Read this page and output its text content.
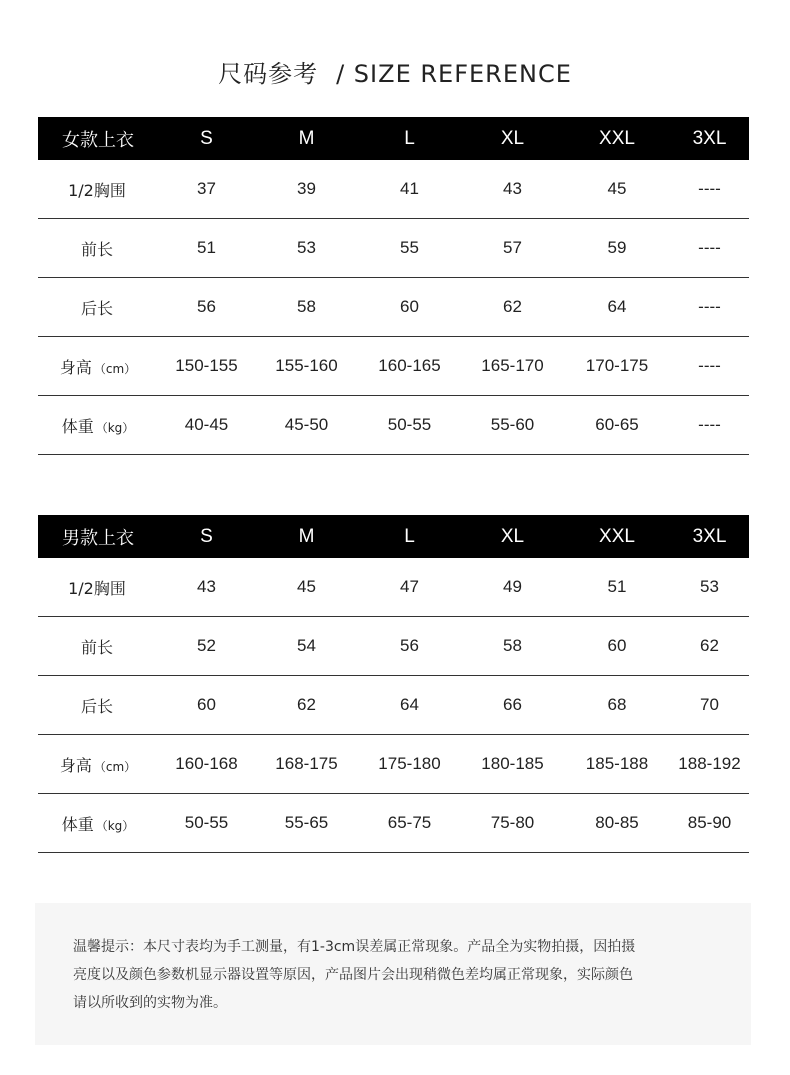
尺码参考 / SIZE REFERENCE
女款上衣	S	M	L	XL	XXL	3XL
1/2胸围	37	39	41	43	45	----
前长	51	53	55	57	59	----
后长	56	58	60	62	64	----
身高 （cm）	150-155	155-160	160-165	165-170	170-175	----
体重 （kg）	40-45	45-50	50-55	55-60	60-65	----
男款上衣	S	M	L	XL	XXL	3XL
1/2胸围	43	45	47	49	51	53
前长	52	54	56	58	60	62
后长	60	62	64	66	68	70
身高 （cm）	160-168	168-175	175-180	180-185	185-188	188-192
体重 （kg）	50-55	55-65	65-75	75-80	80-85	85-90
温馨提示：本尺寸表均为手工测量，有1-3cm误差属正常现象。产品全为实物拍摄，因拍摄
亮度以及颜色参数机显示器设置等原因，产品图片会出现稍微色差均属正常现象，实际颜色
请以所收到的实物为准。
